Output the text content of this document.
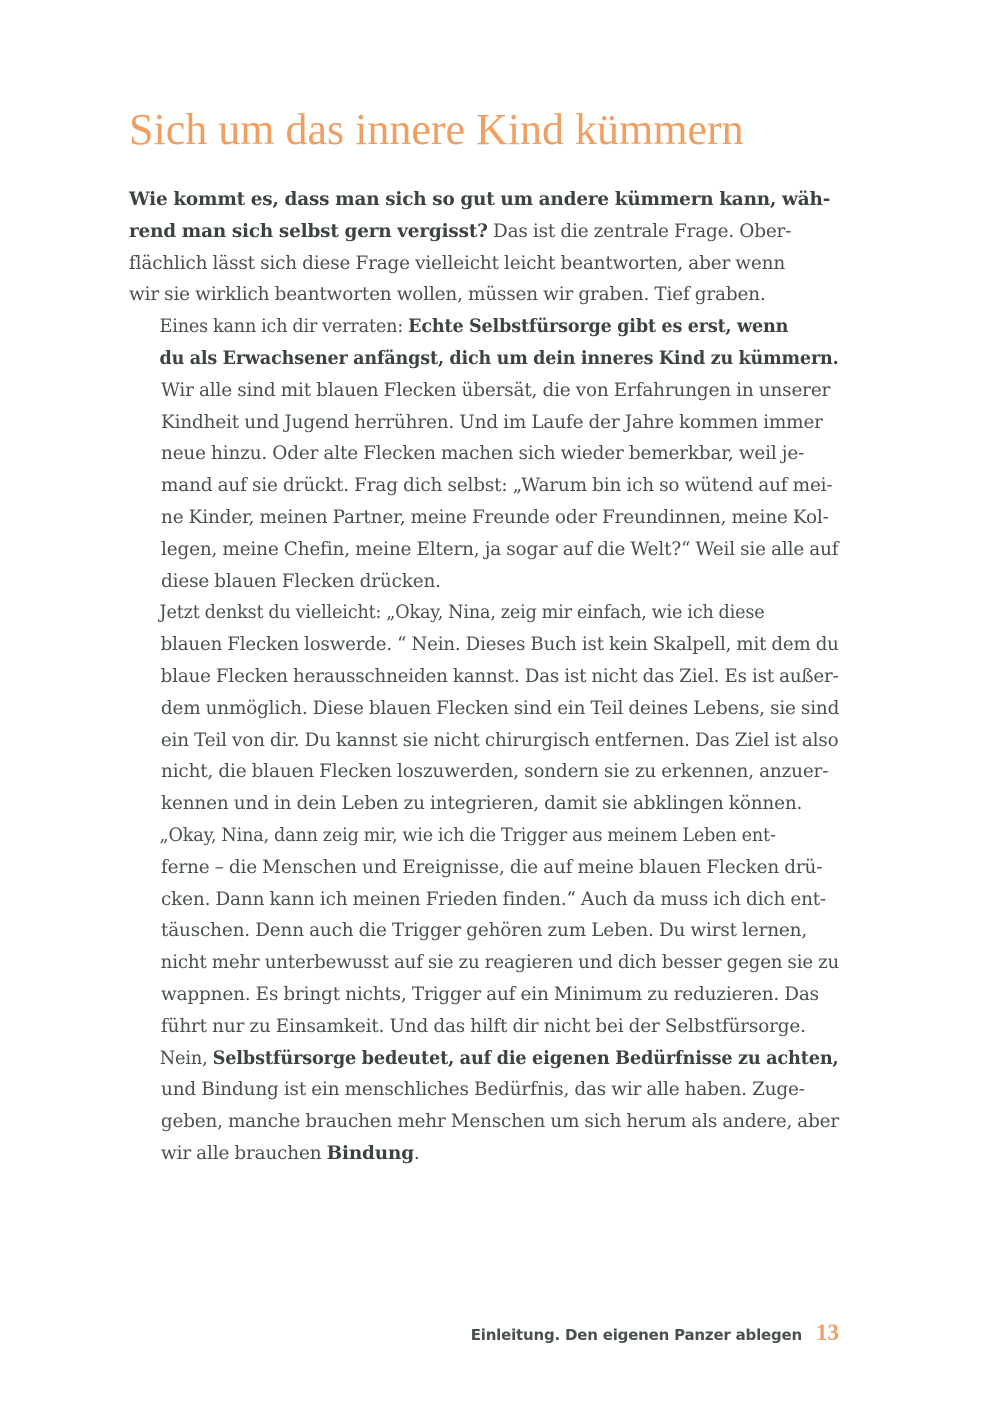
Sich um das innere Kind kümmern

Wie kommt es, dass man sich so gut um andere kümmern kann, wäh-
rend man sich selbst gern vergisst? Das ist die zentrale Frage. Ober-
flächlich lässt sich diese Frage vielleicht leicht beantworten, aber wenn
wir sie wirklich beantworten wollen, müssen wir graben. Tief graben.

Eines kann ich dir verraten: Echte Selbstfürsorge gibt es erst, wenn
du als Erwachsener anfängst, dich um dein inneres Kind zu kümmern.
Wir alle sind mit blauen Flecken übersät, die von Erfahrungen in unserer
Kindheit und Jugend herrühren. Und im Laufe der Jahre kommen immer
neue hinzu. Oder alte Flecken machen sich wieder bemerkbar, weil je-
mand auf sie drückt. Frag dich selbst: „Warum bin ich so wütend auf mei-
ne Kinder, meinen Partner, meine Freunde oder Freundinnen, meine Kol-
legen, meine Chefin, meine Eltern, ja sogar auf die Welt?“ Weil sie alle auf
diese blauen Flecken drücken.

Jetzt denkst du vielleicht: „Okay, Nina, zeig mir einfach, wie ich diese
blauen Flecken loswerde. “ Nein. Dieses Buch ist kein Skalpell, mit dem du
blaue Flecken herausschneiden kannst. Das ist nicht das Ziel. Es ist außer-
dem unmöglich. Diese blauen Flecken sind ein Teil deines Lebens, sie sind
ein Teil von dir. Du kannst sie nicht chirurgisch entfernen. Das Ziel ist also
nicht, die blauen Flecken loszuwerden, sondern sie zu erkennen, anzuer-
kennen und in dein Leben zu integrieren, damit sie abklingen können.

„Okay, Nina, dann zeig mir, wie ich die Trigger aus meinem Leben ent-
ferne – die Menschen und Ereignisse, die auf meine blauen Flecken drü-
cken. Dann kann ich meinen Frieden finden.“ Auch da muss ich dich ent-
täuschen. Denn auch die Trigger gehören zum Leben. Du wirst lernen,
nicht mehr unterbewusst auf sie zu reagieren und dich besser gegen sie zu
wappnen. Es bringt nichts, Trigger auf ein Minimum zu reduzieren. Das
führt nur zu Einsamkeit. Und das hilft dir nicht bei der Selbstfürsorge.
Nein, Selbstfürsorge bedeutet, auf die eigenen Bedürfnisse zu achten,
und Bindung ist ein menschliches Bedürfnis, das wir alle haben. Zuge-
geben, manche brauchen mehr Menschen um sich herum als andere, aber
wir alle brauchen Bindung.

Einleitung. Den eigenen Panzer ablegen 13
